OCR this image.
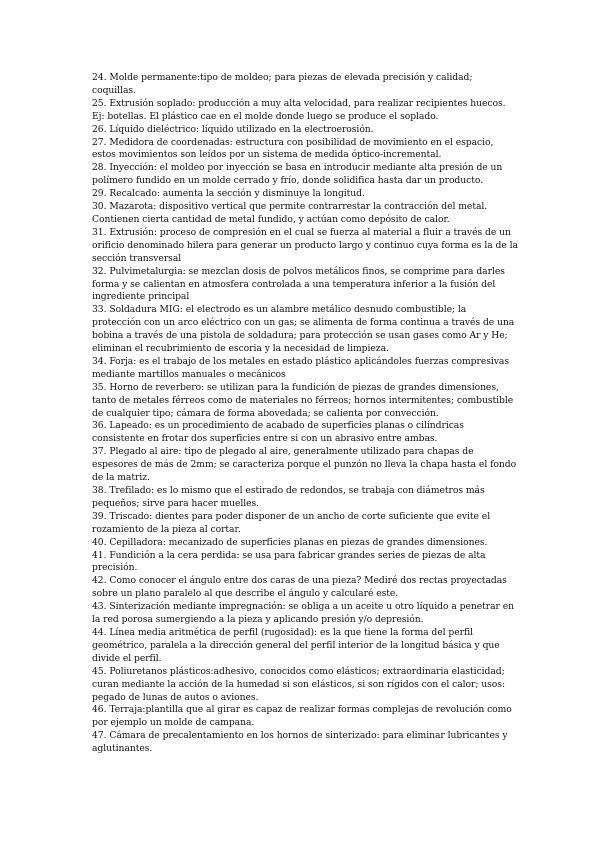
24. Molde permanente:tipo de moldeo; para piezas de elevada precisión y calidad; coquillas.

25. Extrusión soplado: producción a muy alta velocidad, para realizar recipientes huecos. Ej: botellas. El plástico cae en el molde donde luego se produce el soplado.

26. Líquido dieléctrico: líquido utilizado en la electroerosión.

27. Medidora de coordenadas: estructura con posibilidad de movimiento en el espacio, estos movimientos son leídos por un sistema de medida óptico-incremental.

28. Inyección: el moldeo por inyección se basa en introducir mediante alta presión de un polímero fundido en un molde cerrado y frío, donde solidifica hasta dar un producto.

29. Recalcado: aumenta la sección y disminuye la longitud.

30. Mazarota: dispositivo vertical que permite contrarrestar la contracción del metal. Contienen cierta cantidad de metal fundido, y actúan como depósito de calor.

31. Extrusión: proceso de compresión en el cual se fuerza al material a fluir a través de un orificio denominado hilera para generar un producto largo y continuo cuya forma es la de la sección transversal

32. Pulvimetalurgia: se mezclan dosis de polvos metálicos finos, se comprime para darles forma y se calientan en atmosfera controlada a una temperatura inferior a la fusión del ingrediente principal

33. Soldadura MIG: el electrodo es un alambre metálico desnudo combustible; la protección con un arco eléctrico con un gas; se alimenta de forma continua a través de una bobina a través de una pistola de soldadura; para protección se usan gases como Ar y He; eliminan el recubrimiento de escoria y la necesidad de limpieza.

34. Forja: es el trabajo de los metales en estado plástico aplicándoles fuerzas compresivas mediante martillos manuales o mecánicos

35. Horno de reverbero: se utilizan para la fundición de piezas de grandes dimensiones, tanto de metales férreos como de materiales no férreos; hornos intermitentes; combustible de cualquier tipo; cámara de forma abovedada; se calienta por convección.

36. Lapeado: es un procedimiento de acabado de superficies planas o cilíndricas consistente en frotar dos superficies entre si con un abrasivo entre ambas.

37. Plegado al aire: tipo de plegado al aire, generalmente utilizado para chapas de espesores de más de 2mm; se caracteriza porque el punzón no lleva la chapa hasta el fondo de la matriz.

38. Trefilado: es lo mismo que el estirado de redondos, se trabaja con diámetros más pequeños; sirve para hacer muelles.

39. Triscado: dientes para poder disponer de un ancho de corte suficiente que evite el rozamiento de la pieza al cortar.

40. Cepilladora: mecanizado de superficies planas en piezas de grandes dimensiones.

41. Fundición a la cera perdida: se usa para fabricar grandes series de piezas de alta precisión.

42. Como conocer el ángulo entre dos caras de una pieza? Mediré dos rectas proyectadas sobre un plano paralelo al que describe el ángulo y calcularé este.

43. Sinterización mediante impregnación: se obliga a un aceite u otro líquido a penetrar en la red porosa sumergiendo a la pieza y aplicando presión y/o depresión.

44. Línea media aritmética de perfil (rugosidad): es la que tiene la forma del perfil geométrico, paralela a la dirección general del perfil interior de la longitud básica y que divide el perfil.

45. Poliuretanos plásticos:adhesivo, conocidos como elásticos; extraordinaria elasticidad; curan mediante la acción de la humedad si son elásticos, si son rígidos con el calor; usos: pegado de lunas de autos o aviones.

46. Terraja:plantilla que al girar es capaz de realizar formas complejas de revolución como por ejemplo un molde de campana.

47. Cámara de precalentamiento en los hornos de sinterizado: para eliminar lubricantes y aglutinantes.
